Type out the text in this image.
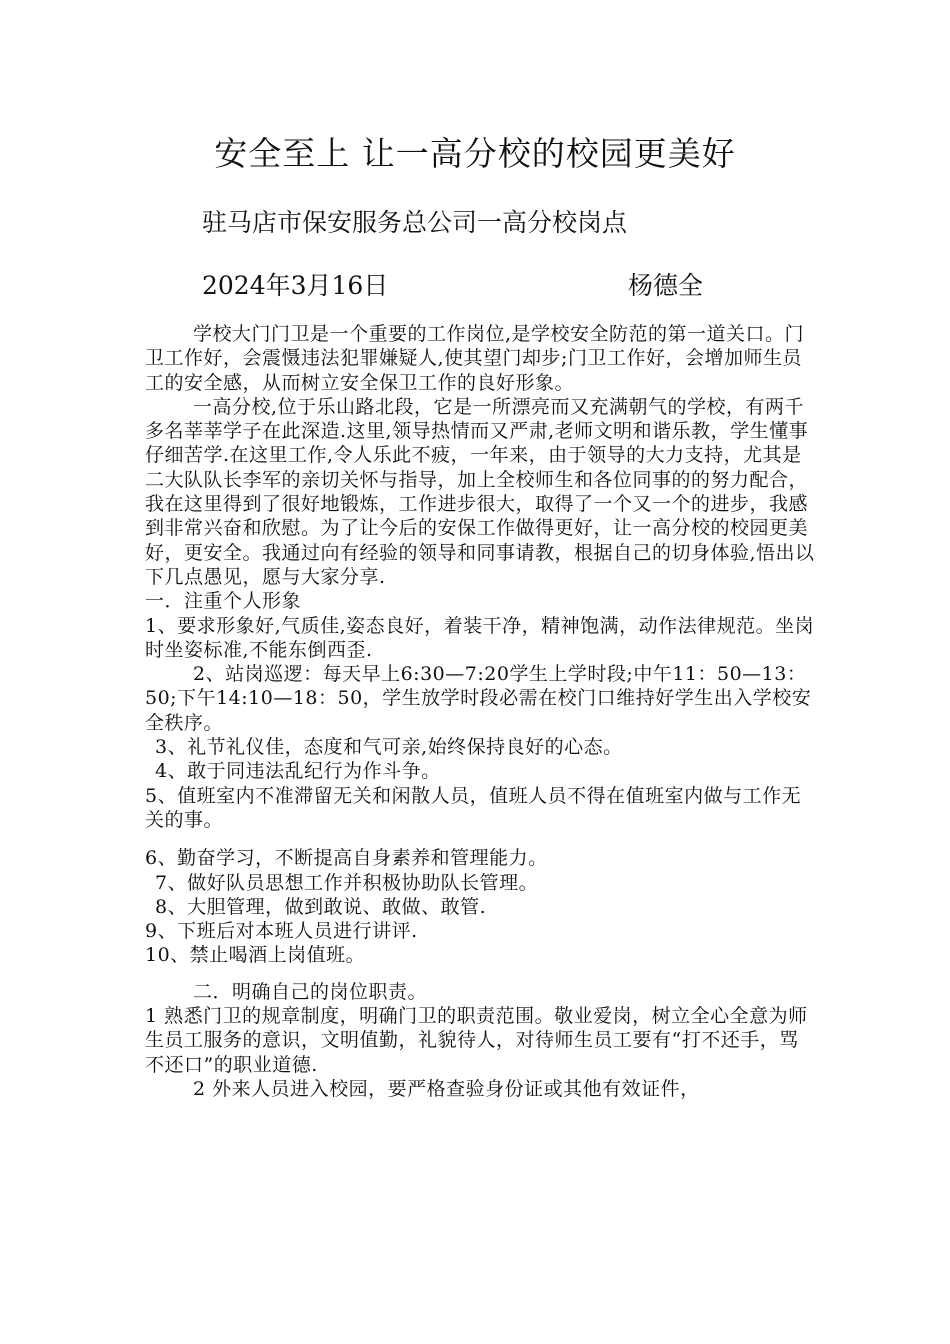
安全至上 让一高分校的校园更美好
驻马店市保安服务总公司一高分校岗点
2024年3月16日	杨德全

学校大门门卫是一个重要的工作岗位,是学校安全防范的第一道关口。门卫工作好，会震慑违法犯罪嫌疑人,使其望门却步;门卫工作好，会增加师生员工的安全感，从而树立安全保卫工作的良好形象。

一高分校,位于乐山路北段，它是一所漂亮而又充满朝气的学校，有两千多名莘莘学子在此深造.这里,领导热情而又严肃,老师文明和谐乐教，学生懂事仔细苦学.在这里工作,令人乐此不疲，一年来，由于领导的大力支持，尤其是二大队队长李军的亲切关怀与指导，加上全校师生和各位同事的的努力配合，我在这里得到了很好地锻炼，工作进步很大，取得了一个又一个的进步，我感到非常兴奋和欣慰。为了让今后的安保工作做得更好，让一高分校的校园更美好，更安全。我通过向有经验的领导和同事请教，根据自己的切身体验,悟出以下几点愚见，愿与大家分享.

一．注重个人形象

1、要求形象好,气质佳,姿态良好，着装干净，精神饱满，动作法律规范。坐岗时坐姿标准,不能东倒西歪.

2、站岗巡逻：每天早上6:30—7:20学生上学时段;中午11：50—13：50;下午14:10—18：50，学生放学时段必需在校门口维持好学生出入学校安全秩序。

3、礼节礼仪佳，态度和气可亲,始终保持良好的心态。

4、敢于同违法乱纪行为作斗争。

5、值班室内不准滞留无关和闲散人员，值班人员不得在值班室内做与工作无关的事。

6、勤奋学习，不断提高自身素养和管理能力。

7、做好队员思想工作并积极协助队长管理。

8、大胆管理，做到敢说、敢做、敢管.

9、下班后对本班人员进行讲评.

10、禁止喝酒上岗值班。

二．明确自己的岗位职责。

1 熟悉门卫的规章制度，明确门卫的职责范围。敬业爱岗，树立全心全意为师生员工服务的意识，文明值勤，礼貌待人，对待师生员工要有“打不还手，骂不还口”的职业道德.

2 外来人员进入校园，要严格查验身份证或其他有效证件，
